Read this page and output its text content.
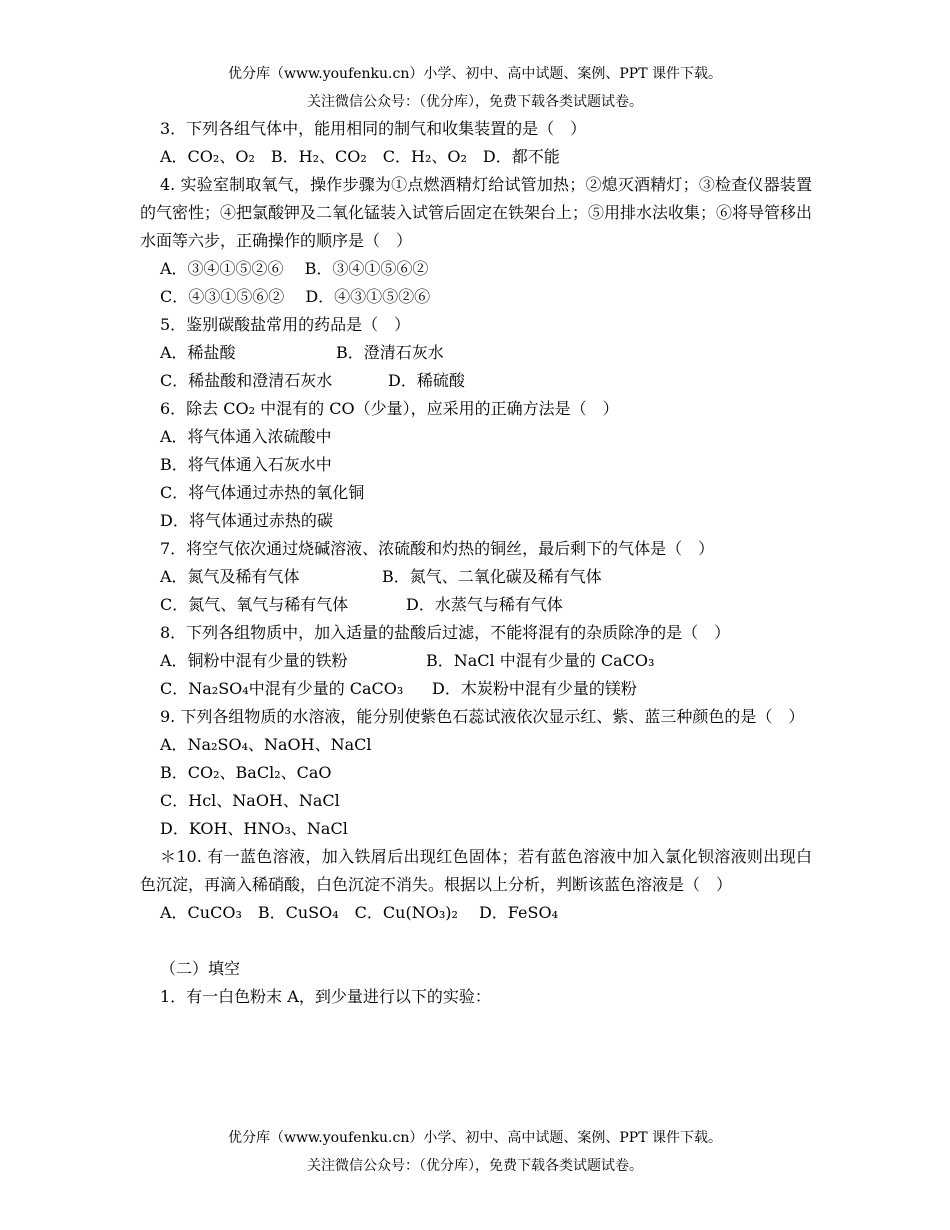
优分库（www.youfenku.cn）小学、初中、高中试题、案例、PPT 课件下载。
关注微信公众号：（优分库），免费下载各类试题试卷。
3．下列各组气体中，能用相同的制气和收集装置的是（　）
A．CO₂、O₂　B．H₂、CO₂　C．H₂、O₂　D．都不能
4. 实验室制取氧气，操作步骤为①点燃酒精灯给试管加热；②熄灭酒精灯；③检查仪器装置的气密性；④把氯酸钾及二氧化锰装入试管后固定在铁架台上；⑤用排水法收集；⑥将导管移出水面等六步，正确操作的顺序是（　）
A．③④①⑤②⑥　 B．③④①⑤⑥②
C．④③①⑤⑥②　 D．④③①⑤②⑥
5．鉴别碳酸盐常用的药品是（　）
A．稀盐酸	B．澄清石灰水
C．稀盐酸和澄清石灰水	D．稀硫酸
6．除去 CO₂ 中混有的 CO（少量），应采用的正确方法是（　）
A．将气体通入浓硫酸中
B．将气体通入石灰水中
C．将气体通过赤热的氧化铜
D．将气体通过赤热的碳
7．将空气依次通过烧碱溶液、浓硫酸和灼热的铜丝，最后剩下的气体是（　）
A．氮气及稀有气体	B．氮气、二氧化碳及稀有气体
C．氮气、氧气与稀有气体	D．水蒸气与稀有气体
8．下列各组物质中，加入适量的盐酸后过滤，不能将混有的杂质除净的是（　）
A．铜粉中混有少量的铁粉	B．NaCl 中混有少量的 CaCO₃
C．Na₂SO₄中混有少量的 CaCO₃ D．木炭粉中混有少量的镁粉
9. 下列各组物质的水溶液，能分别使紫色石蕊试液依次显示红、紫、蓝三种颜色的是（　）
A．Na₂SO₄、NaOH、NaCl
B．CO₂、BaCl₂、CaO
C．Hcl、NaOH、NaCl
D．KOH、HNO₃、NaCl
＊10. 有一蓝色溶液，加入铁屑后出现红色固体；若有蓝色溶液中加入氯化钡溶液则出现白色沉淀，再滴入稀硝酸，白色沉淀不消失。根据以上分析，判断该蓝色溶液是（　）
A．CuCO₃　B．CuSO₄　C．Cu(NO₃)₂　 D．FeSO₄
（二）填空
1．有一白色粉末 A，到少量进行以下的实验：
优分库（www.youfenku.cn）小学、初中、高中试题、案例、PPT 课件下载。
关注微信公众号：（优分库），免费下载各类试题试卷。
